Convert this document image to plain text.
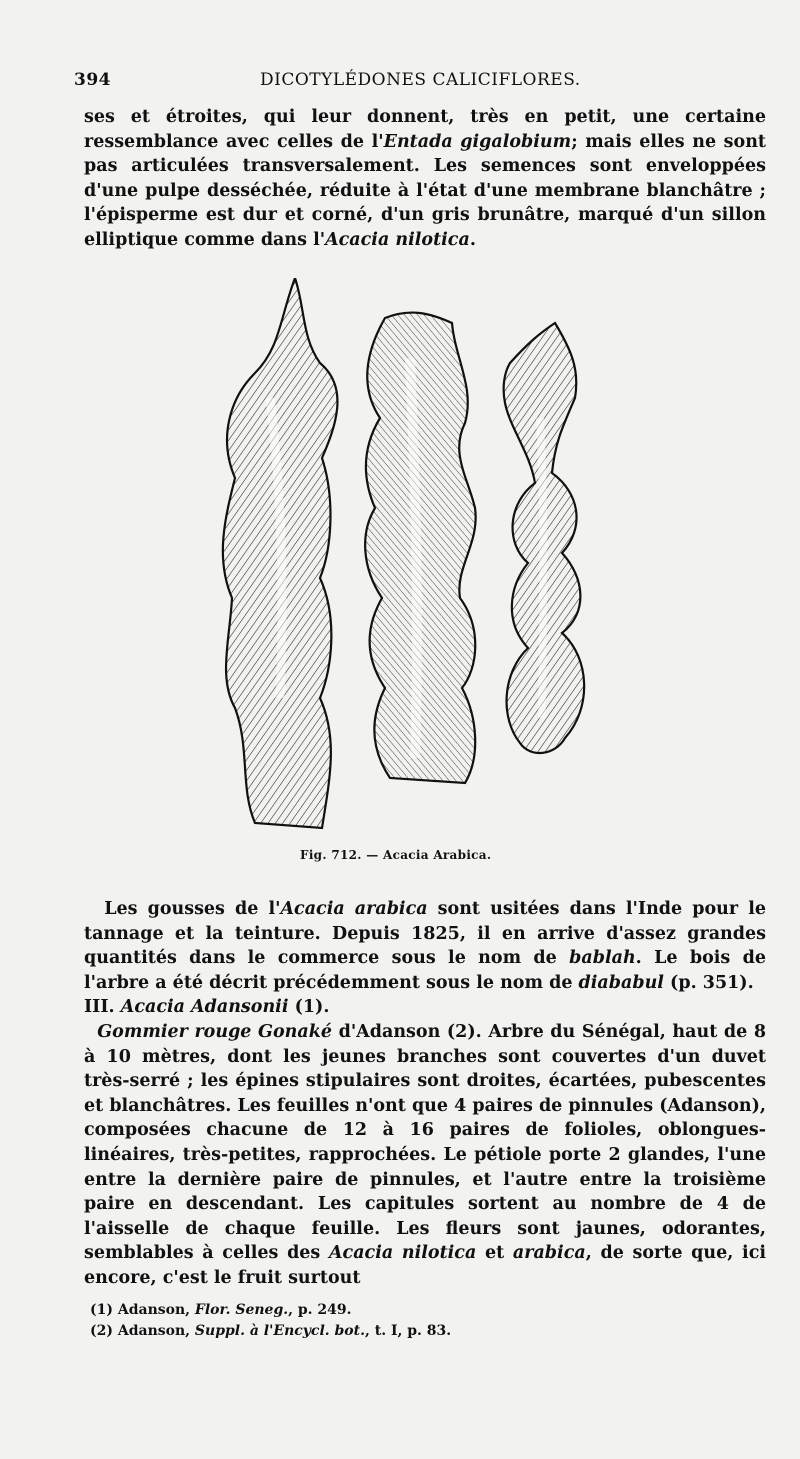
394	DICOTYLÉDONES CALICIFLORES.
ses et étroites, qui leur donnent, très en petit, une certaine ressemblance avec celles de l'Entada gigalobium; mais elles ne sont pas articulées transversalement. Les semences sont enveloppées d'une pulpe desséchée, réduite à l'état d'une membrane blanchâtre ; l'épisperme est dur et corné, d'un gris brunâtre, marqué d'un sillon elliptique comme dans l'Acacia nilotica.
Fig. 712. — Acacia Arabica.
Les gousses de l'Acacia arabica sont usitées dans l'Inde pour le tannage et la teinture. Depuis 1825, il en arrive d'assez grandes quantités dans le commerce sous le nom de bablah. Le bois de l'arbre a été décrit précédemment sous le nom de diababul (p. 351).
III. Acacia Adansonii (1).
Gommier rouge Gonaké d'Adanson (2). Arbre du Sénégal, haut de 8 à 10 mètres, dont les jeunes branches sont couvertes d'un duvet très-serré ; les épines stipulaires sont droites, écartées, pubescentes et blanchâtres. Les feuilles n'ont que 4 paires de pinnules (Adanson), composées chacune de 12 à 16 paires de folioles, oblongues-linéaires, très-petites, rapprochées. Le pétiole porte 2 glandes, l'une entre la dernière paire de pinnules, et l'autre entre la troisième paire en descendant. Les capitules sortent au nombre de 4 de l'aisselle de chaque feuille. Les fleurs sont jaunes, odorantes, semblables à celles des Acacia nilotica et arabica, de sorte que, ici encore, c'est le fruit surtout
(1) Adanson, Flor. Seneg., p. 249.
(2) Adanson, Suppl. à l'Encycl. bot., t. I, p. 83.
